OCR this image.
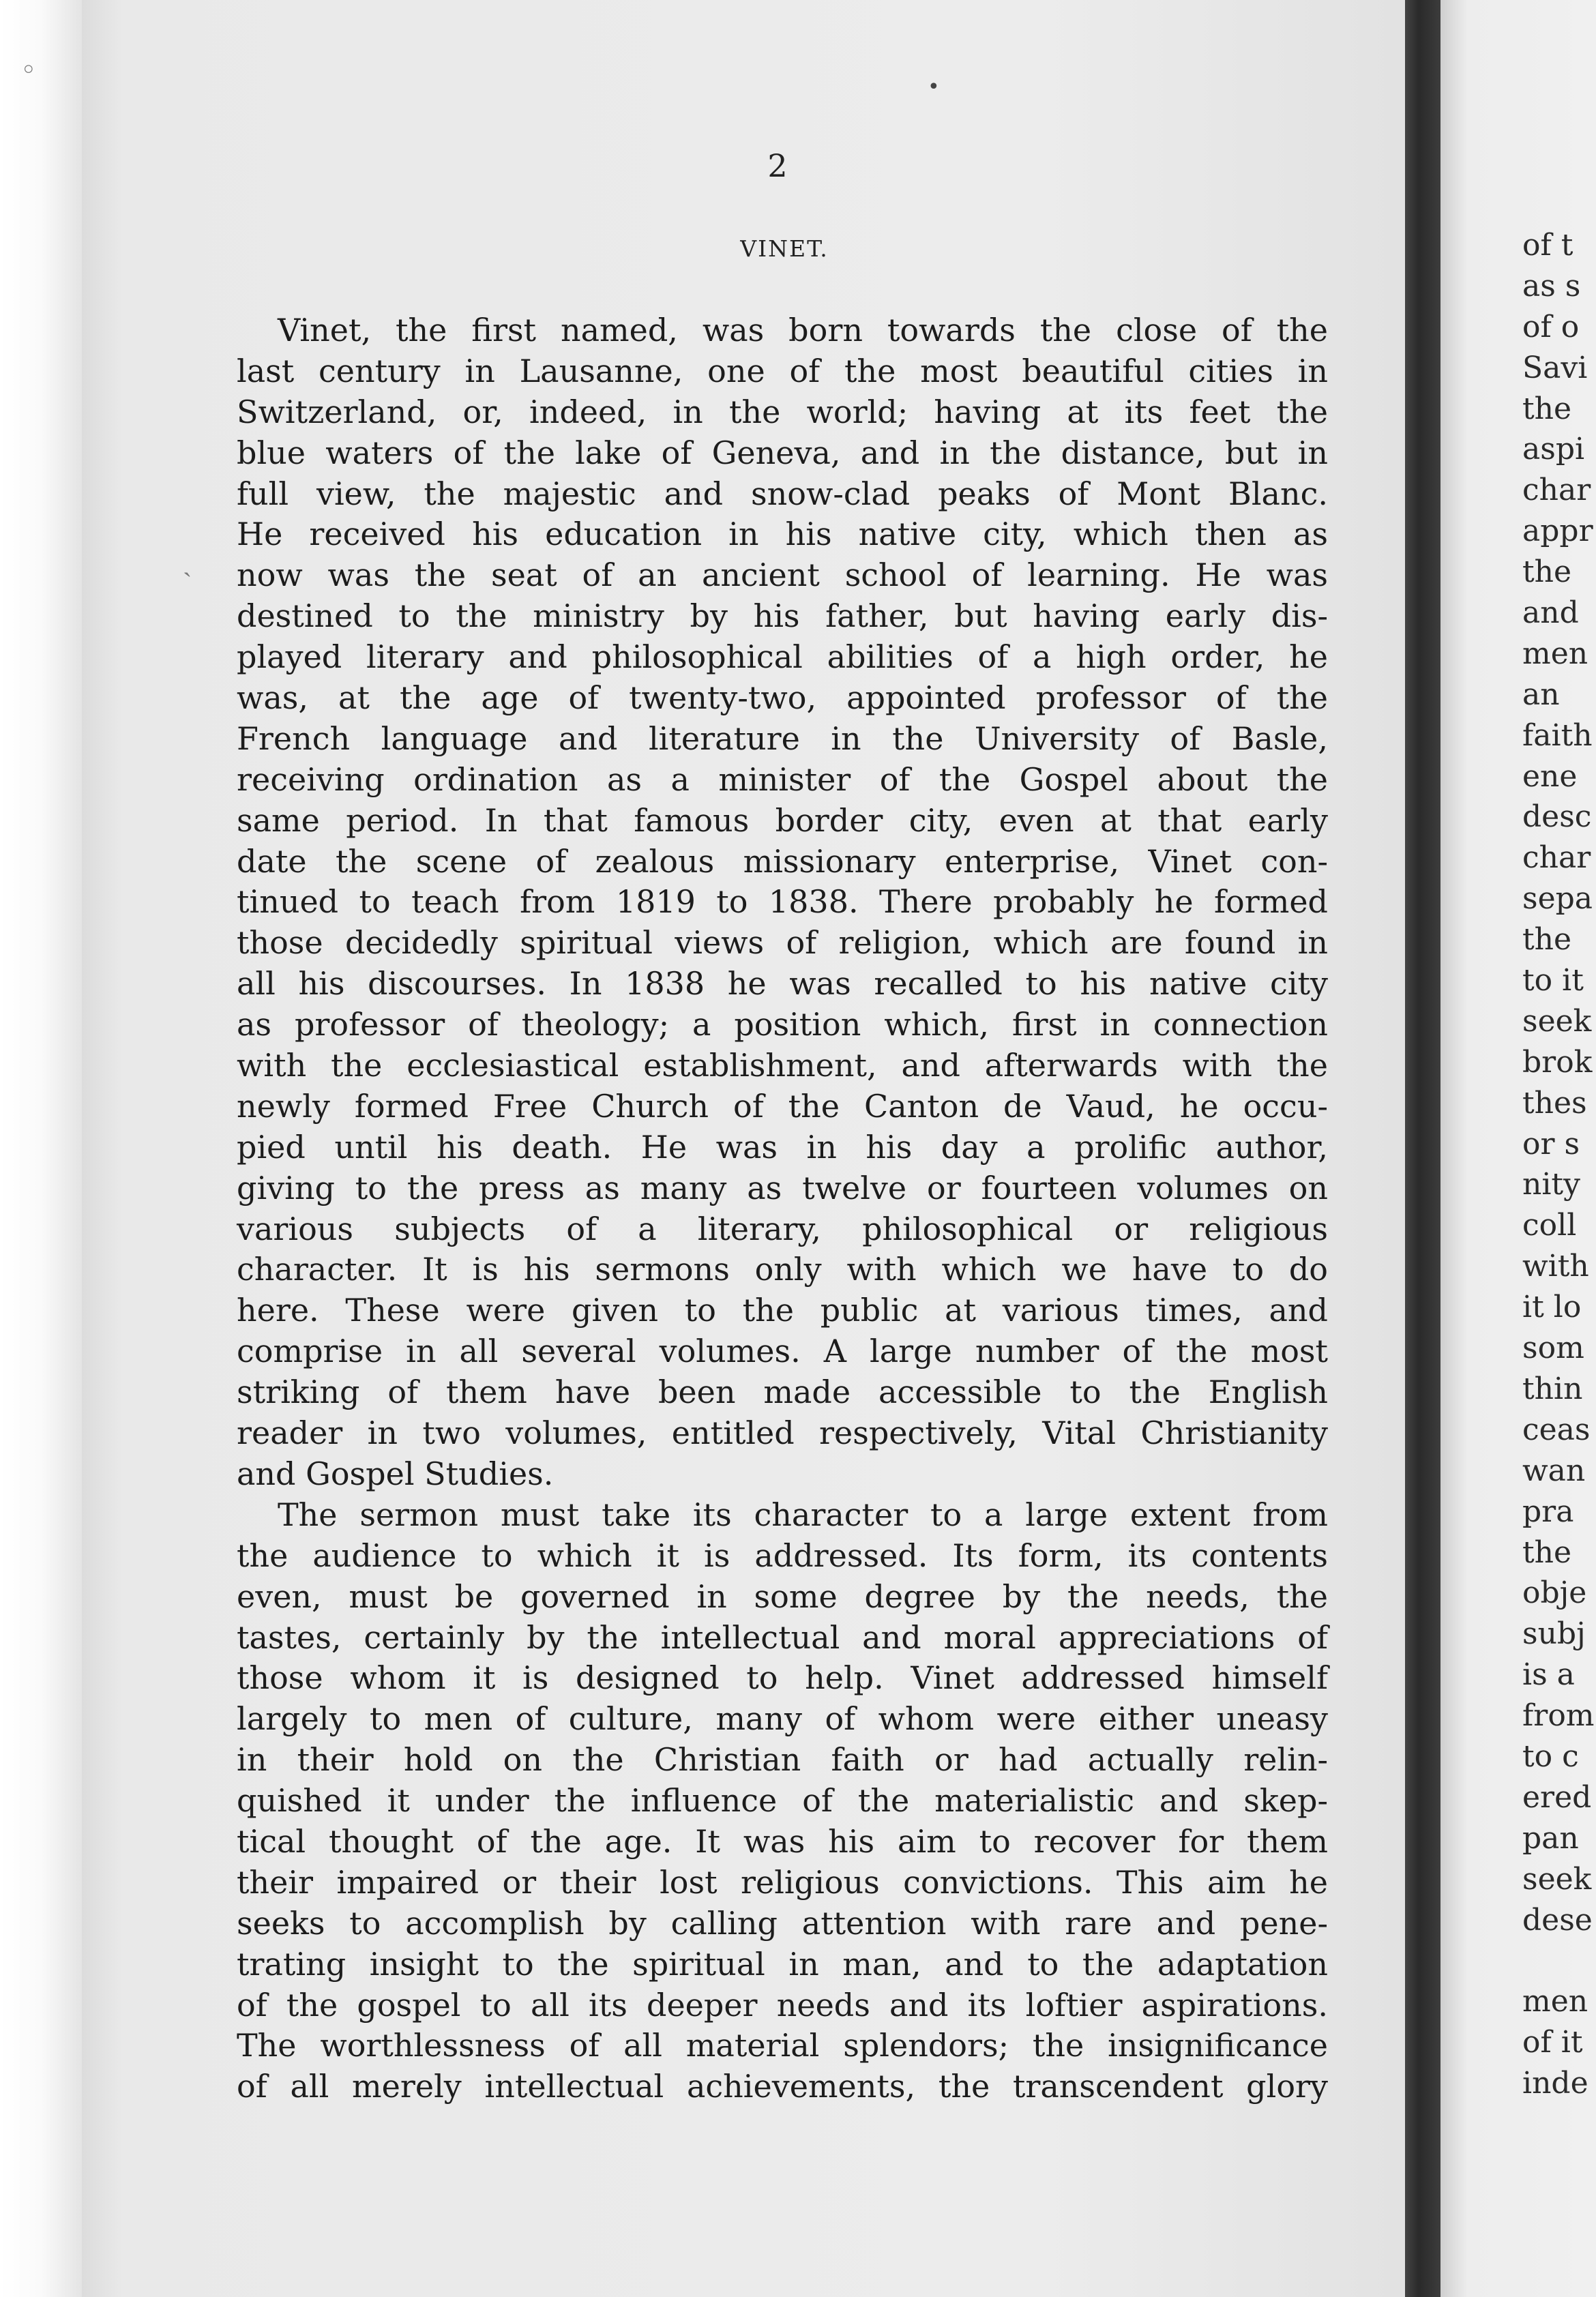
◦
•
ˎ
2
VINET.
Vinet, the first named, was born towards the close of the
last century in Lausanne, one of the most beautiful cities in
Switzerland, or, indeed, in the world; having at its feet the
blue waters of the lake of Geneva, and in the distance, but in
full view, the majestic and snow-clad peaks of Mont Blanc.
He received his education in his native city, which then as
now was the seat of an ancient school of learning. He was
destined to the ministry by his father, but having early dis-
played literary and philosophical abilities of a high order, he
was, at the age of twenty-two, appointed professor of the
French language and literature in the University of Basle,
receiving ordination as a minister of the Gospel about the
same period. In that famous border city, even at that early
date the scene of zealous missionary enterprise, Vinet con-
tinued to teach from 1819 to 1838. There probably he formed
those decidedly spiritual views of religion, which are found in
all his discourses. In 1838 he was recalled to his native city
as professor of theology; a position which, first in connection
with the ecclesiastical establishment, and afterwards with the
newly formed Free Church of the Canton de Vaud, he occu-
pied until his death. He was in his day a prolific author,
giving to the press as many as twelve or fourteen volumes on
various subjects of a literary, philosophical or religious
character. It is his sermons only with which we have to do
here. These were given to the public at various times, and
comprise in all several volumes. A large number of the most
striking of them have been made accessible to the English
reader in two volumes, entitled respectively, Vital Christianity
and Gospel Studies.
The sermon must take its character to a large extent from
the audience to which it is addressed. Its form, its contents
even, must be governed in some degree by the needs, the
tastes, certainly by the intellectual and moral appreciations of
those whom it is designed to help. Vinet addressed himself
largely to men of culture, many of whom were either uneasy
in their hold on the Christian faith or had actually relin-
quished it under the influence of the materialistic and skep-
tical thought of the age. It was his aim to recover for them
their impaired or their lost religious convictions. This aim he
seeks to accomplish by calling attention with rare and pene-
trating insight to the spiritual in man, and to the adaptation
of the gospel to all its deeper needs and its loftier aspirations.
The worthlessness of all material splendors; the insignificance
of all merely intellectual achievements, the transcendent glory
of t
as s
of o
Savi
the
aspi
char
appr
the
and
men
an
faith
ene
desc
char
sepa
the
to it
seek
brok
thes
or s
nity
coll
with
it lo
som
thin
ceas
wan
pra
the
obje
subj
is a
from
to c
ered
pan
seek
dese
men
of it
inde
